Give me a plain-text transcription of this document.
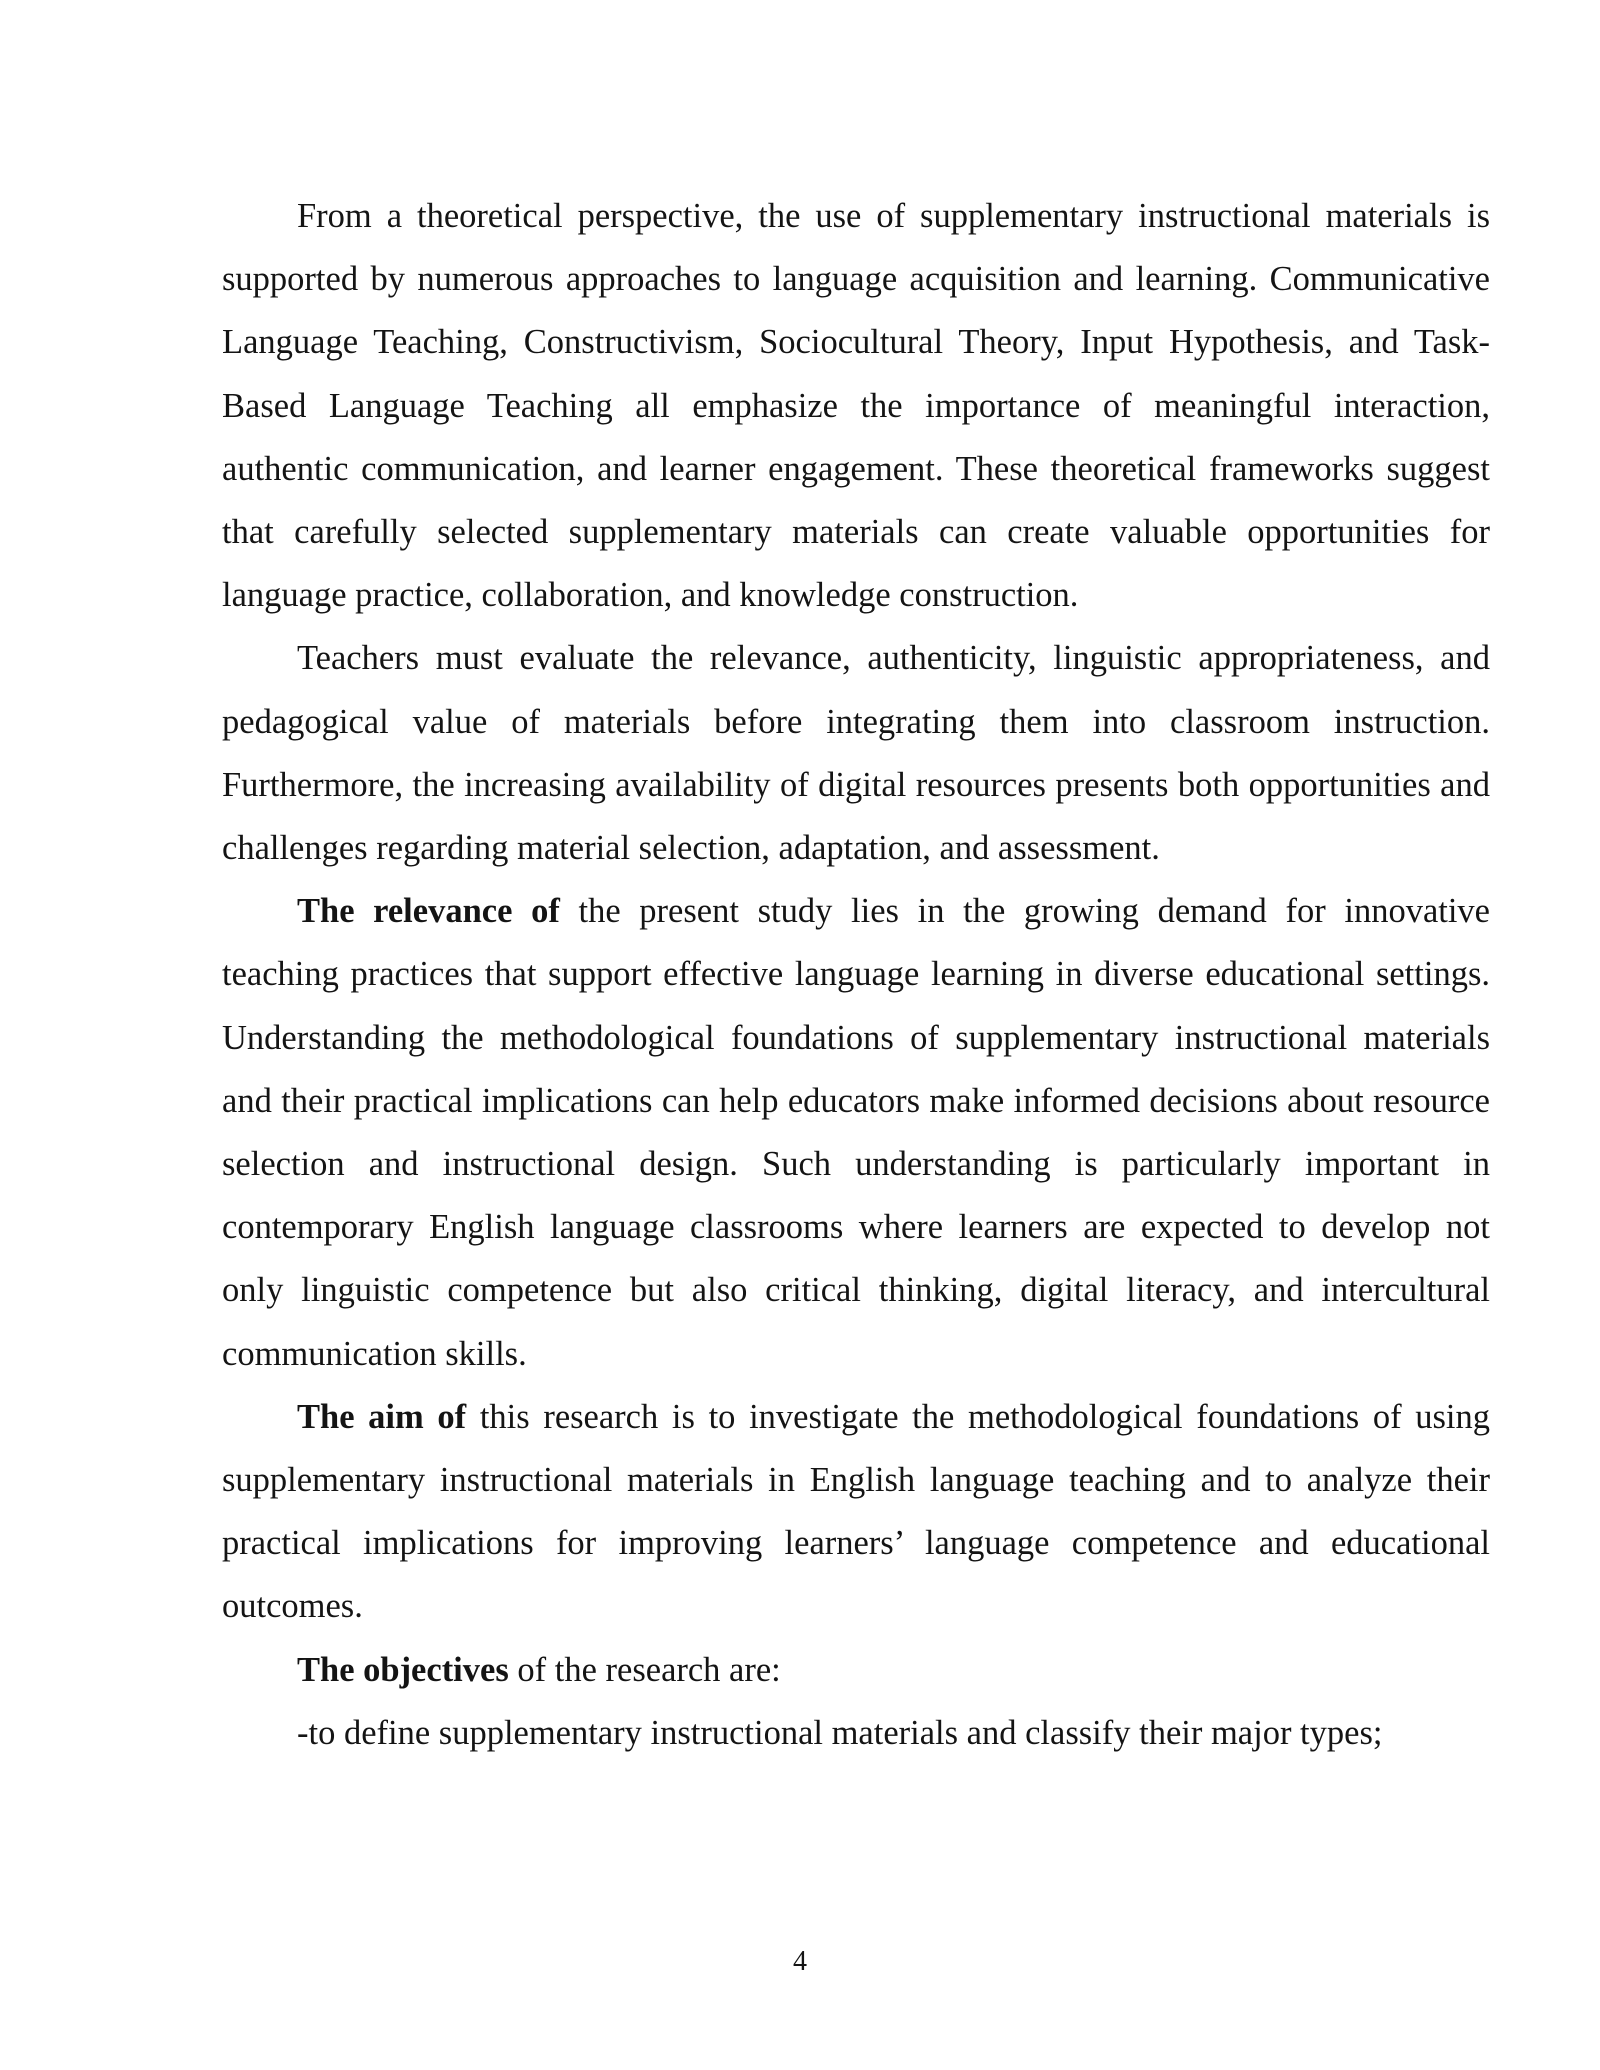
From a theoretical perspective, the use of supplementary instructional materials is supported by numerous approaches to language acquisition and learning. Communicative Language Teaching, Constructivism, Sociocultural Theory, Input Hypothesis, and Task-Based Language Teaching all emphasize the importance of meaningful interaction, authentic communication, and learner engagement. These theoretical frameworks suggest that carefully selected supplementary materials can create valuable opportunities for language practice, collaboration, and knowledge construction.

Teachers must evaluate the relevance, authenticity, linguistic appropriateness, and pedagogical value of materials before integrating them into classroom instruction. Furthermore, the increasing availability of digital resources presents both opportunities and challenges regarding material selection, adaptation, and assessment.

The relevance of the present study lies in the growing demand for innovative teaching practices that support effective language learning in diverse educational settings. Understanding the methodological foundations of supplementary instructional materials and their practical implications can help educators make informed decisions about resource selection and instructional design. Such understanding is particularly important in contemporary English language classrooms where learners are expected to develop not only linguistic competence but also critical thinking, digital literacy, and intercultural communication skills.

The aim of this research is to investigate the methodological foundations of using supplementary instructional materials in English language teaching and to analyze their practical implications for improving learners’ language competence and educational outcomes.

The objectives of the research are:

-to define supplementary instructional materials and classify their major types;

4
